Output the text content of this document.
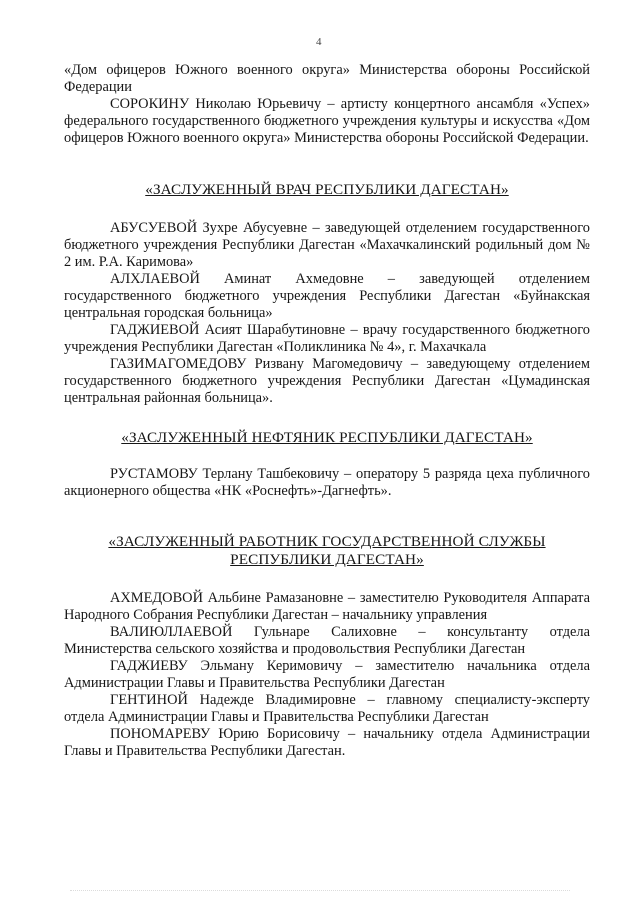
4

«Дом офицеров Южного военного округа» Министерства обороны Российской Федерации

СОРОКИНУ Николаю Юрьевичу – артисту концертного ансамбля «Успех» федерального государственного бюджетного учреждения культуры и искусства «Дом офицеров Южного военного округа» Министерства обороны Российской Федерации.

«ЗАСЛУЖЕННЫЙ ВРАЧ РЕСПУБЛИКИ ДАГЕСТАН»

АБУСУЕВОЙ Зухре Абусуевне – заведующей отделением государственного бюджетного учреждения Республики Дагестан «Махачкалинский родильный дом № 2 им. Р.А. Каримова»

АЛХЛАЕВОЙ Аминат Ахмедовне – заведующей отделением государственного бюджетного учреждения Республики Дагестан «Буйнакская центральная городская больница»

ГАДЖИЕВОЙ Асият Шарабутиновне – врачу государственного бюджетного учреждения Республики Дагестан «Поликлиника № 4», г. Махачкала

ГАЗИМАГОМЕДОВУ Ризвану Магомедовичу – заведующему отделением государственного бюджетного учреждения Республики Дагестан «Цумадинская центральная районная больница».

«ЗАСЛУЖЕННЫЙ НЕФТЯНИК РЕСПУБЛИКИ ДАГЕСТАН»

РУСТАМОВУ Терлану Ташбековичу – оператору 5 разряда цеха публичного акционерного общества «НК «Роснефть»-Дагнефть».

«ЗАСЛУЖЕННЫЙ РАБОТНИК ГОСУДАРСТВЕННОЙ СЛУЖБЫ
РЕСПУБЛИКИ ДАГЕСТАН»

АХМЕДОВОЙ Альбине Рамазановне – заместителю Руководителя Аппарата Народного Собрания Республики Дагестан – начальнику управления

ВАЛИЮЛЛАЕВОЙ Гульнаре Салиховне – консультанту отдела Министерства сельского хозяйства и продовольствия Республики Дагестан

ГАДЖИЕВУ Эльману Керимовичу – заместителю начальника отдела Администрации Главы и Правительства Республики Дагестан

ГЕНТИНОЙ Надежде Владимировне – главному специалисту-эксперту отдела Администрации Главы и Правительства Республики Дагестан

ПОНОМАРЕВУ Юрию Борисовичу – начальнику отдела Администрации Главы и Правительства Республики Дагестан.
